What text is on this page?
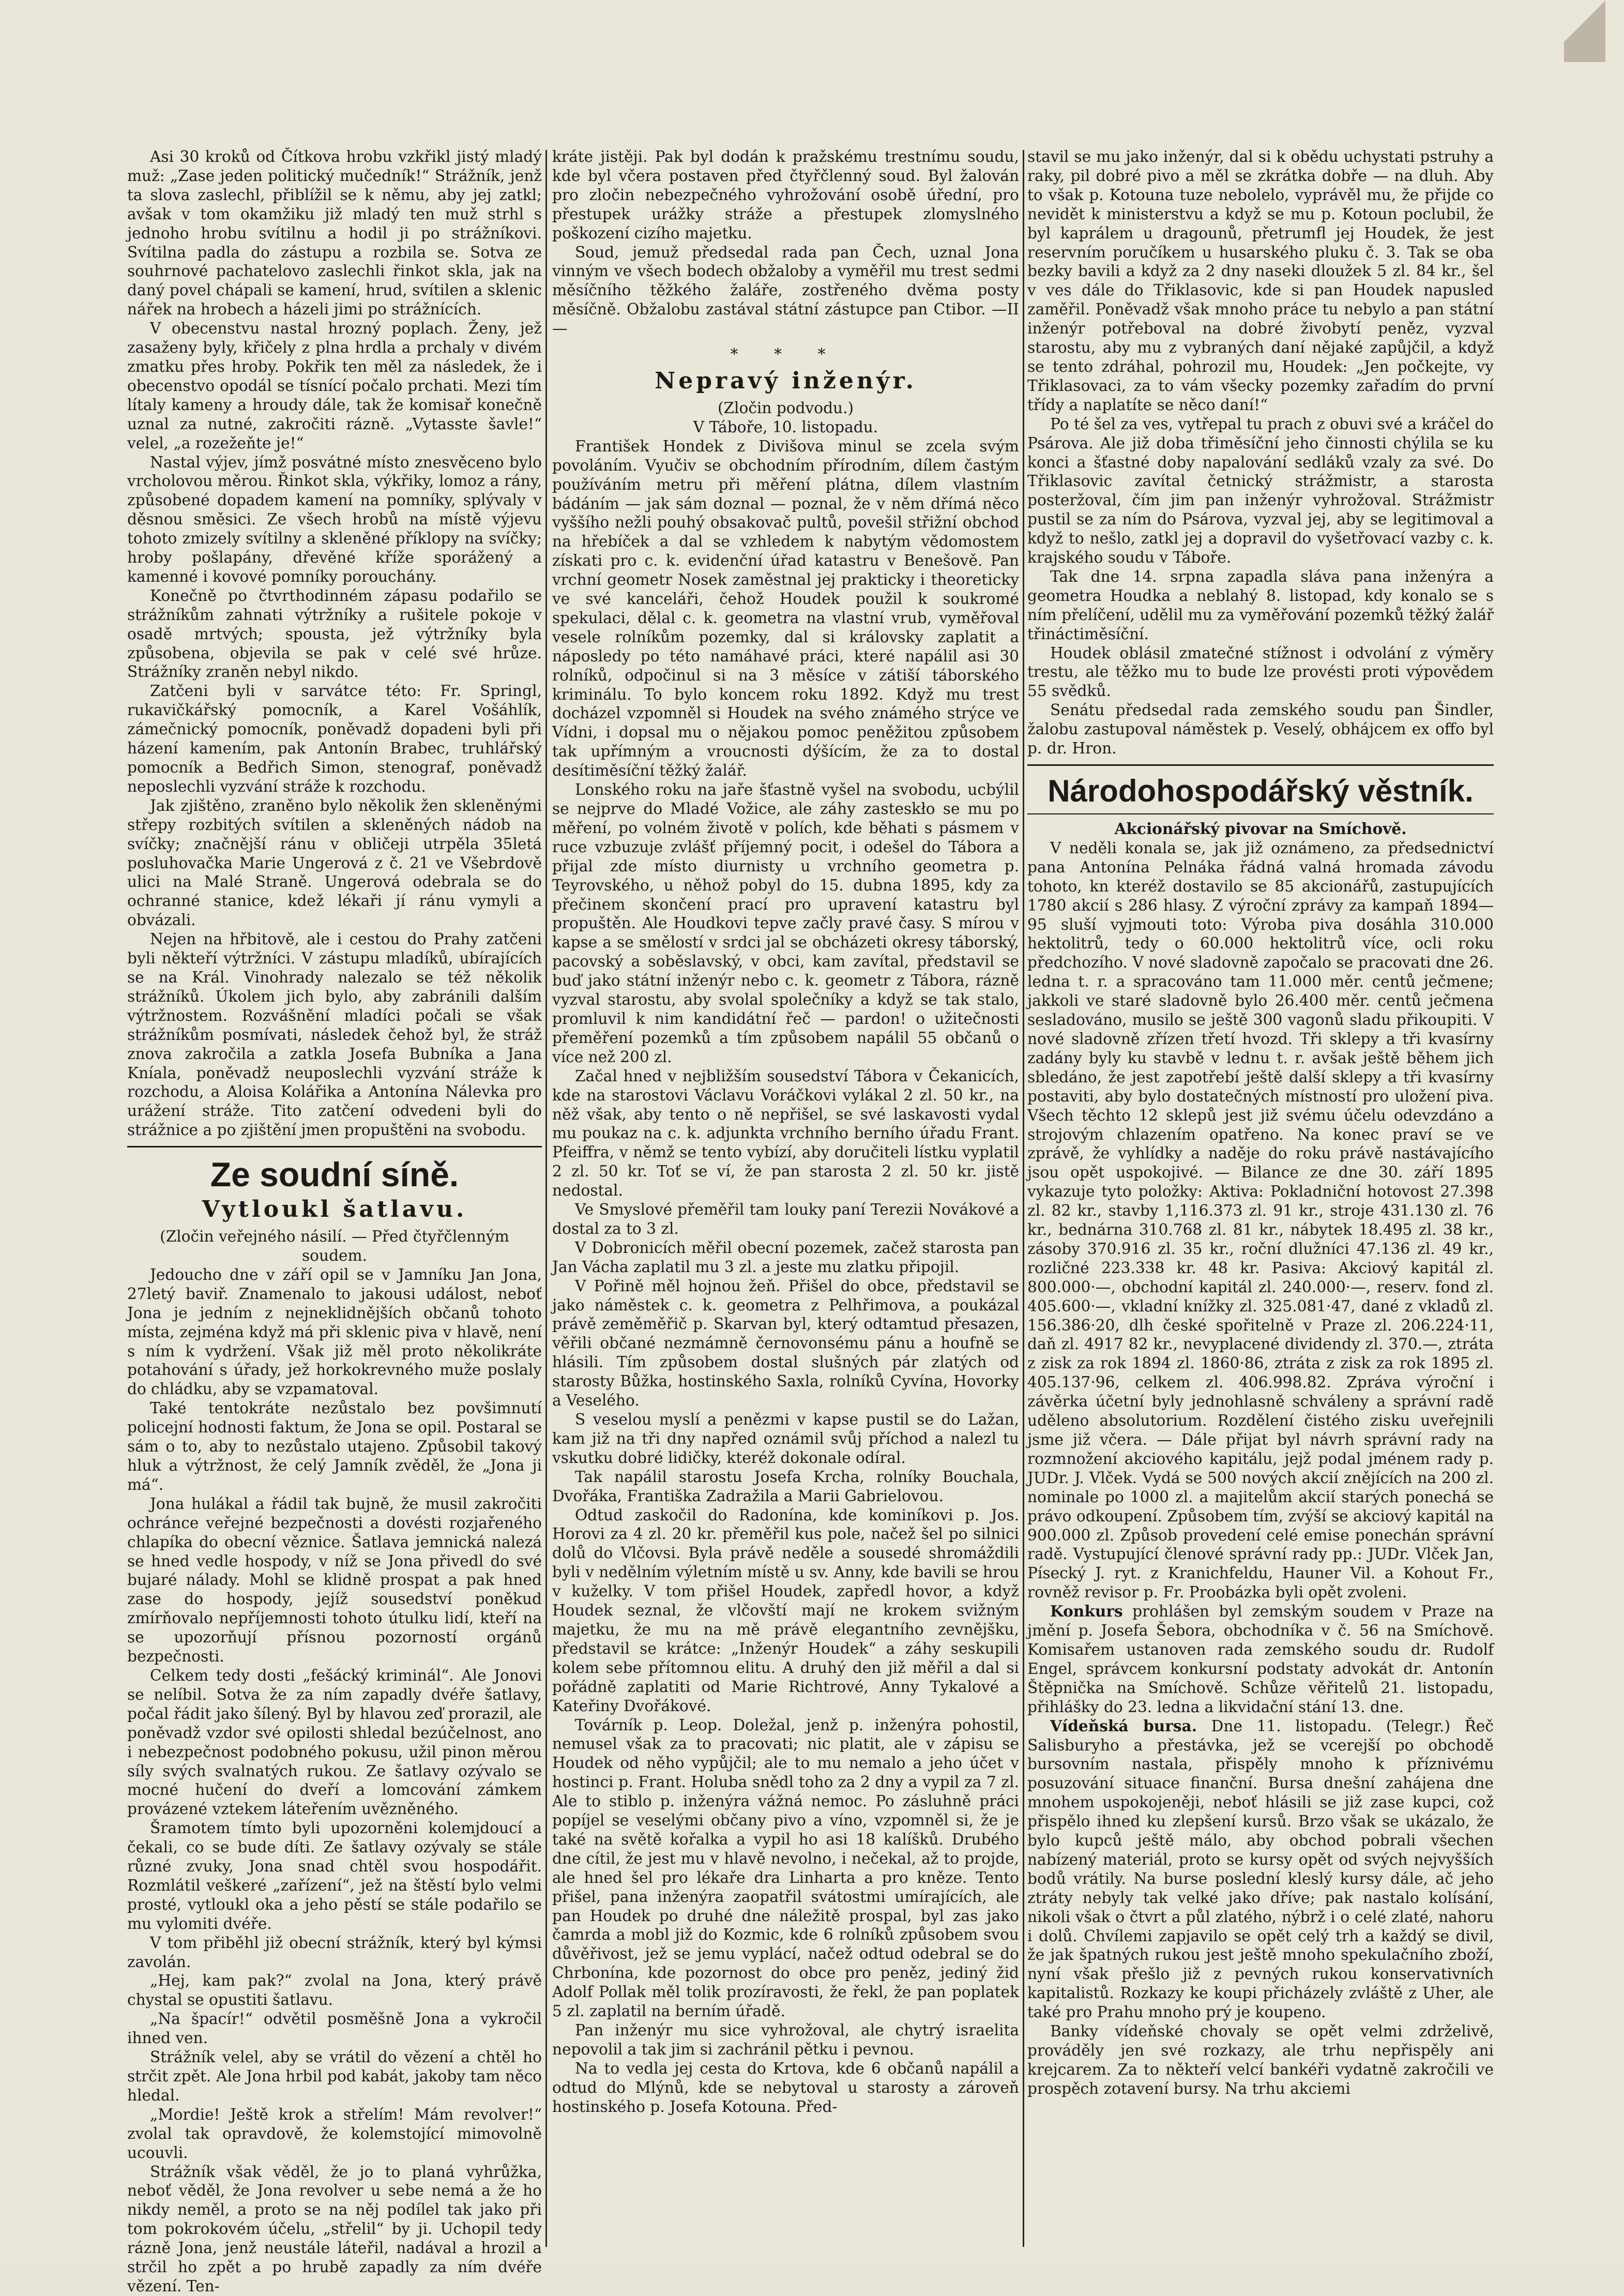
Asi 30 kroků od Čítkova hrobu vzkřikl jistý mladý muž: „Zase jeden politický mučedník!“ Strážník, jenž ta slova zaslechl, přiblížil se k němu, aby jej zatkl; avšak v tom okamžiku již mladý ten muž strhl s jednoho hrobu svítilnu a hodil ji po strážníkovi. Svítilna padla do zástupu a rozbila se. Sotva ze souhrnové pachatelovo zaslechli řinkot skla, jak na daný povel chápali se kamení, hrud, svítilen a sklenic nářek na hrobech a házeli jimi po strážnících.

V obecenstvu nastal hrozný poplach. Ženy, jež zasaženy byly, křičely z plna hrdla a prchaly v divém zmatku přes hroby. Pokřik ten měl za následek, že i obecenstvo opodál se tísnící počalo prchati. Mezi tím lítaly kameny a hroudy dále, tak že komisař konečně uznal za nutné, zakročiti rázně. „Vytasste šavle!“ velel, „a rozežeňte je!“

Nastal výjev, jímž posvátné místo znesvěceno bylo vrcholovou měrou. Řinkot skla, výkřiky, lomoz a rány, způsobené dopadem kamení na pomníky, splývaly v děsnou směsici. Ze všech hrobů na místě výjevu tohoto zmizely svítilny a skleněné příklopy na svíčky; hroby pošlapány, dřevěné kříže sporážený a kamenné i kovové pomníky porouchány.

Konečně po čtvrthodinném zápasu podařilo se strážníkům zahnati výtržníky a rušitele pokoje v osadě mrtvých; spousta, jež výtržníky byla způsobena, objevila se pak v celé své hrůze. Strážníky zraněn nebyl nikdo.

Zatčeni byli v sarvátce této: Fr. Springl, rukavičkářský pomocník, a Karel Vošáhlík, zámečnický pomocník, poněvadž dopadeni byli při házení kamením, pak Antonín Brabec, truhlářský pomocník a Bedřich Simon, stenograf, poněvadž neposlechli vyzvání stráže k rozchodu.

Jak zjištěno, zraněno bylo několik žen skleněnými střepy rozbitých svítilen a skleněných nádob na svíčky; značnější ránu v obličeji utrpěla 35letá posluhovačka Marie Ungerová z č. 21 ve Všebrdově ulici na Malé Straně. Ungerová odebrala se do ochranné stanice, kdež lékaři jí ránu vymyli a obvázali.

Nejen na hřbitově, ale i cestou do Prahy zatčeni byli někteří výtržníci. V zástupu mladíků, ubírajících se na Král. Vinohrady nalezalo se též několik strážníků. Úkolem jich bylo, aby zabránili dalším výtržnostem. Rozvášnění mladíci počali se však strážníkům posmívati, následek čehož byl, že stráž znova zakročila a zatkla Josefa Bubníka a Jana Kníala, poněvadž neuposlechli vyzvání stráže k rozchodu, a Aloisa Kolářika a Antonína Nálevka pro urážení stráže. Tito zatčení odvedeni byli do strážnice a po zjištění jmen propuštěni na svobodu.

Ze soudní síně.
Vytloukl šatlavu.

(Zločin veřejného násilí. — Před čtyřčlenným soudem.

Jedoucho dne v září opil se v Jamníku Jan Jona, 27letý baviř. Znamenalo to jakousi událost, neboť Jona je jedním z nejneklidnějších občanů tohoto místa, zejména když má při sklenic piva v hlavě, není s ním k vydržení. Však již měl proto několikráte potahování s úřady, jež horkokrevného muže poslaly do chládku, aby se vzpamatoval.

Také tentokráte nezůstalo bez povšimnutí policejní hodnosti faktum, že Jona se opil. Postaral se sám o to, aby to nezůstalo utajeno. Způsobil takový hluk a výtržnost, že celý Jamník zvěděl, že „Jona ji má“.

Jona hulákal a řádil tak bujně, že musil zakročiti ochránce veřejné bezpečnosti a dovésti rozjařeného chlapíka do obecní věznice. Šatlava jemnická nalezá se hned vedle hospody, v níž se Jona přivedl do své bujaré nálady. Mohl se klidně prospat a pak hned zase do hospody, jejíž sousedství poněkud zmírňovalo nepříjemnosti tohoto útulku lidí, kteří na se upozorňují přísnou pozorností orgánů bezpečnosti.

Celkem tedy dosti „fešácký kriminál“. Ale Jonovi se nelíbil. Sotva že za ním zapadly dvéře šatlavy, počal řádit jako šílený. Byl by hlavou zeď prorazil, ale poněvadž vzdor své opilosti shledal bezúčelnost, ano i nebezpečnost podobného pokusu, užil pinon měrou síly svých svalnatých rukou. Ze šatlavy ozývalo se mocné hučení do dveří a lomcování zámkem provázené vztekem láteřením uvězněného.

Šramotem tímto byli upozorněni kolemjdoucí a čekali, co se bude díti. Ze šatlavy ozývaly se stále různé zvuky, Jona snad chtěl svou hospodářit. Rozmlátil veškeré „zařízení“, jež na štěstí bylo velmi prosté, vytloukl oka a jeho pěstí se stále podařilo se mu vylomiti dvéře.

V tom přiběhl již obecní strážník, který byl kýmsi zavolán.

„Hej, kam pak?“ zvolal na Jona, který právě chystal se opustiti šatlavu.

„Na špacír!“ odvětil posměšně Jona a vykročil ihned ven.

Strážník velel, aby se vrátil do vězení a chtěl ho strčit zpět. Ale Jona hrbil pod kabát, jakoby tam něco hledal.

„Mordie! Ještě krok a střelím! Mám revolver!“ zvolal tak opravdově, že kolemstojící mimovolně ucouvli.

Strážník však věděl, že jo to planá vyhrůžka, neboť věděl, že Jona revolver u sebe nemá a že ho nikdy neměl, a proto se na něj podílel tak jako při tom pokrokovém účelu, „střelil“ by ji. Uchopil tedy rázně Jona, jenž neustále láteřil, nadával a hrozil a strčil ho zpět a po hrubě zapadly za ním dvéře vězení. Ten-

kráte jistěji. Pak byl dodán k pražskému trestnímu soudu, kde byl včera postaven před čtyřčlenný soud. Byl žalován pro zločin nebezpečného vyhrožování osobě úřední, pro přestupek urážky stráže a přestupek zlomyslného poškození cizího majetku.

Soud, jemuž předsedal rada pan Čech, uznal Jona vinným ve všech bodech obžaloby a vyměřil mu trest sedmi měsíčního těžkého žaláře, zostřeného dvěma posty měsíčně. Obžalobu zastával státní zástupce pan Ctibor. —II—

* * *
Nepravý inženýr.

(Zločin podvodu.)

V Táboře, 10. listopadu.

František Hondek z Divišova minul se zcela svým povoláním. Vyučiv se obchodním přírodním, dílem častým používáním metru při měření plátna, dílem vlastním bádáním — jak sám doznal — poznal, že v něm dřímá něco vyššího nežli pouhý obsakovač pultů, povešil střižní obchod na hřebíček a dal se vzhledem k nabytým vědomostem získati pro c. k. evidenční úřad katastru v Benešově. Pan vrchní geometr Nosek zaměstnal jej prakticky i theoreticky ve své kanceláři, čehož Houdek použil k soukromé spekulaci, dělal c. k. geometra na vlastní vrub, vyměřoval vesele rolníkům pozemky, dal si královsky zaplatit a náposledy po této namáhavé práci, které napálil asi 30 rolníků, odpočinul si na 3 měsíce v zátiší táborského kriminálu. To bylo koncem roku 1892. Když mu trest docházel vzpomněl si Houdek na svého známého strýce ve Vídni, i dopsal mu o nějakou pomoc peněžitou způsobem tak upřímným a vroucnosti dýšícím, že za to dostal desítiměsíční těžký žalář.

Lonského roku na jaře šťastně vyšel na svobodu, ucbýlil se nejprve do Mladé Vožice, ale záhy zasteskło se mu po měření, po volném životě v polích, kde běhati s pásmem v ruce vzbuzuje zvlášť příjemný pocit, i odešel do Tábora a přijal zde místo diurnisty u vrchního geometra p. Teyrovského, u něhož pobyl do 15. dubna 1895, kdy za přečinem skončení prací pro upravení katastru byl propuštěn. Ale Houdkovi tepve začly pravé časy. S mírou v kapse a se smělostí v srdci jal se obcházeti okresy táborský, pacovský a soběslavský, v obci, kam zavítal, představil se buď jako státní inženýr nebo c. k. geometr z Tábora, rázně vyzval starostu, aby svolal společníky a když se tak stalo, promluvil k nim kandidátní řeč — pardon! o užitečnosti přeměření pozemků a tím způsobem napálil 55 občanů o více než 200 zl.

Začal hned v nejbližším sousedství Tábora v Čekanicích, kde na starostovi Václavu Voráčkovi vylákal 2 zl. 50 kr., na něž však, aby tento o ně nepřišel, se své laskavosti vydal mu poukaz na c. k. adjunkta vrchního berního úřadu Frant. Pfeiffra, v němž se tento vybízí, aby doručiteli lístku vyplatil 2 zl. 50 kr. Toť se ví, že pan starosta 2 zl. 50 kr. jistě nedostal.

Ve Smyslové přeměřil tam louky paní Terezii Novákové a dostal za to 3 zl.

V Dobronicích měřil obecní pozemek, začež starosta pan Jan Vácha zaplatil mu 3 zl. a jeste mu zlatku připojil.

V Pořině měl hojnou žeň. Přišel do obce, představil se jako náměstek c. k. geometra z Pelhřimova, a poukázal právě zeměměřič p. Skarvan byl, který odtamtud přesazen, věřili občané nezmámně černovonsému pánu a houfně se hlásili. Tím způsobem dostal slušných pár zlatých od starosty Bůžka, hostinského Saxla, rolníků Cyvína, Hovorky a Veselého.

S veselou myslí a penězmi v kapse pustil se do Lažan, kam již na tři dny napřed oznámil svůj příchod a nalezl tu vskutku dobré lidičky, kteréž dokonale odíral.

Tak napálil starostu Josefa Krcha, rolníky Bouchala, Dvořáka, Františka Zadražila a Marii Gabrielovou.

Odtud zaskočil do Radonína, kde kominíkovi p. Jos. Horovi za 4 zl. 20 kr. přeměřil kus pole, načež šel po silnici dolů do Vlčovsi. Byla právě neděle a sousedé shromáždili byli v nedělním výletním místě u sv. Anny, kde bavili se hrou v kuželky. V tom přišel Houdek, zapředl hovor, a když Houdek seznal, že vlčovští mají ne krokem svižným majetku, že mu na mě právě elegantního zevnějšku, představil se krátce: „Inženýr Houdek“ a záhy seskupili kolem sebe přítomnou elitu. A druhý den již měřil a dal si pořádně zaplatiti od Marie Richtrové, Anny Tykalové a Kateřiny Dvořákové.

Továrník p. Leop. Doležal, jenž p. inženýra pohostil, nemusel však za to pracovati; nic platit, ale v zápisu se Houdek od něho vypůjčil; ale to mu nemalo a jeho účet v hostinci p. Frant. Holuba snědl toho za 2 dny a vypil za 7 zl. Ale to stiblo p. inženýra vážná nemoc. Po zásluhně práci popíjel se veselými občany pivo a víno, vzpomněl si, že je také na světě kořalka a vypil ho asi 18 kalíšků. Drubého dne cítil, že jest mu v hlavě nevolno, i nečekal, až to projde, ale hned šel pro lékaře dra Linharta a pro kněze. Tento přišel, pana inženýra zaopatřil svátostmi umírajících, ale pan Houdek po druhé dne náležitě prospal, byl zas jako čamrda a mobl již do Kozmic, kde 6 rolníků způsobem svou důvěřivost, jež se jemu vyplácí, načež odtud odebral se do Chrbonína, kde pozornost do obce pro peněz, jediný žid Adolf Pollak měl tolik prozíravosti, že řekl, že pan poplatek 5 zl. zaplatil na berním úřadě.

Pan inženýr mu sice vyhrožoval, ale chytrý israelita nepovolil a tak jim si zachránil pětku i pevnou.

Na to vedla jej cesta do Krtova, kde 6 občanů napálil a odtud do Mlýnů, kde se nebytoval u starosty a zároveň hostinského p. Josefa Kotouna. Před-

stavil se mu jako inženýr, dal si k obědu uchystati pstruhy a raky, pil dobré pivo a měl se zkrátka dobře — na dluh. Aby to však p. Kotouna tuze nebolelo, vyprávěl mu, že přijde co nevidět k ministerstvu a když se mu p. Kotoun poclubil, že byl kaprálem u dragounů, přetrumfl jej Houdek, že jest reservním poručíkem u husarského pluku č. 3. Tak se oba bezky bavili a když za 2 dny naseki dloužek 5 zl. 84 kr., šel v ves dále do Třiklasovic, kde si pan Houdek napusled zaměřil. Poněvadž však mnoho práce tu nebylo a pan státní inženýr potřeboval na dobré živobytí peněz, vyzval starostu, aby mu z vybraných daní nějaké zapůjčil, a když se tento zdráhal, pohrozil mu, Houdek: „Jen počkejte, vy Třiklasovaci, za to vám všecky pozemky zařadím do první třídy a naplatíte se něco daní!“

Po té šel za ves, vytřepal tu prach z obuvi své a kráčel do Psárova. Ale již doba třiměsíční jeho činnosti chýlila se ku konci a šťastné doby napalování sedláků vzaly za své. Do Třiklasovic zavítal četnický strážmistr, a starosta posteržoval, čím jim pan inženýr vyhrožoval. Strážmistr pustil se za ním do Psárova, vyzval jej, aby se legitimoval a když to nešlo, zatkl jej a dopravil do vyšetřovací vazby c. k. krajského soudu v Táboře.

Tak dne 14. srpna zapadla sláva pana inženýra a geometra Houdka a neblahý 8. listopad, kdy konalo se s ním přelíčení, udělil mu za vyměřování pozemků těžký žalář třináctiměsíční.

Houdek oblásil zmatečné stížnost i odvolání z výměry trestu, ale těžko mu to bude lze provésti proti výpovědem 55 svědků.

Senátu předsedal rada zemského soudu pan Šindler, žalobu zastupoval náměstek p. Veselý, obhájcem ex offo byl p. dr. Hron.

Národohospodářský věstník.

Akcionářský pivovar na Smíchově.

V neděli konala se, jak již oznámeno, za předsednictví pana Antonína Pelnáka řádná valná hromada závodu tohoto, kn kteréž dostavilo se 85 akcionářů, zastupujících 1780 akcií s 286 hlasy. Z výroční zprávy za kampaň 1894—95 sluší vyjmouti toto: Výroba piva dosáhla 310.000 hektolitrů, tedy o 60.000 hektolitrů více, ocli roku předchozího. V nové sladovně započalo se pracovati dne 26. ledna t. r. a spracováno tam 11.000 měr. centů ječmene; jakkoli ve staré sladovně bylo 26.400 měr. centů ječmena sesladováno, musilo se ještě 300 vagonů sladu přikoupiti. V nové sladovně zřízen třetí hvozd. Tři sklepy a tři kvasírny zadány byly ku stavbě v lednu t. r. avšak ještě během jich sbledáno, že jest zapotřebí ještě další sklepy a tři kvasírny postaviti, aby bylo dostatečných místností pro uložení piva. Všech těchto 12 sklepů jest již svému účelu odevzdáno a strojovým chlazením opatřeno. Na konec praví se ve zprávě, že vyhlídky a naděje do roku právě nastávajícího jsou opět uspokojivé. — Bilance ze dne 30. září 1895 vykazuje tyto položky: Aktiva: Pokladniční hotovost 27.398 zl. 82 kr., stavby 1,116.373 zl. 91 kr., stroje 431.130 zl. 76 kr., bednárna 310.768 zl. 81 kr., nábytek 18.495 zl. 38 kr., zásoby 370.916 zl. 35 kr., roční dlužníci 47.136 zl. 49 kr., rozličné 223.338 kr. 48 kr. Pasiva: Akciový kapitál zl. 800.000·—, obchodní kapitál zl. 240.000·—, reserv. fond zl. 405.600·—, vkladní knížky zl. 325.081·47, dané z vkladů zl. 156.386·20, dlh české spořitelně v Praze zl. 206.224·11, daň zl. 4917 82 kr., nevyplacené dividendy zl. 370.—, ztráta z zisk za rok 1894 zl. 1860·86, ztráta z zisk za rok 1895 zl. 405.137·96, celkem zl. 406.998.82. Zpráva výroční i závěrka účetní byly jednohlasně schváleny a správní radě uděleno absolutorium. Rozdělení čistého zisku uveřejnili jsme již včera. — Dále přijat byl návrh správní rady na rozmnožení akciového kapitálu, jejž podal jménem rady p. JUDr. J. Vlček. Vydá se 500 nových akcií znějících na 200 zl. nominale po 1000 zl. a majitelům akcií starých ponechá se právo odkoupení. Způsobem tím, zvýší se akciový kapitál na 900.000 zl. Způsob provedení celé emise ponechán správní radě. Vystupující členové správní rady pp.: JUDr. Vlček Jan, Písecký J. ryt. z Kranichfeldu, Hauner Vil. a Kohout Fr., rovněž revisor p. Fr. Proobázka byli opět zvoleni.

Konkurs prohlášen byl zemským soudem v Praze na jmění p. Josefa Šebora, obchodníka v č. 56 na Smíchově. Komisařem ustanoven rada zemského soudu dr. Rudolf Engel, správcem konkursní podstaty advokát dr. Antonín Štěpnička na Smíchově. Schůze věřitelů 21. listopadu, přihlášky do 23. ledna a likvidační stání 13. dne.

Vídeňská bursa. Dne 11. listopadu. (Telegr.) Řeč Salisburyho a přestávka, jež se vcerejší po obchodě bursovním nastala, přispěly mnoho k příznivému posuzování situace finanční. Bursa dnešní zahájena dne mnohem uspokojeněji, neboť hlásili se již zase kupci, což přispělo ihned ku zlepšení kursů. Brzo však se ukázalo, že bylo kupců ještě málo, aby obchod pobrali všechen nabízený materiál, proto se kursy opět od svých nejvyšších bodů vrátily. Na burse poslední kleslý kursy dále, ač jeho ztráty nebyly tak velké jako dříve; pak nastalo kolísání, nikoli však o čtvrt a půl zlatého, nýbrž i o celé zlaté, nahoru i dolů. Chvílemi zapjavilo se opět celý trh a každý se divil, že jak špatných rukou jest ještě mnoho spekulačního zboží, nyní však přešlo již z pevných rukou konservativních kapitalistů. Rozkazy ke koupi přicházely zvláště z Uher, ale také pro Prahu mnoho prý je koupeno.

Banky vídeňské chovaly se opět velmi zdrželivě, prováděly jen své rozkazy, ale trhu nepřispěly ani krejcarem. Za to někteří velcí bankéři vydatně zakročili ve prospěch zotavení bursy. Na trhu akciemi
